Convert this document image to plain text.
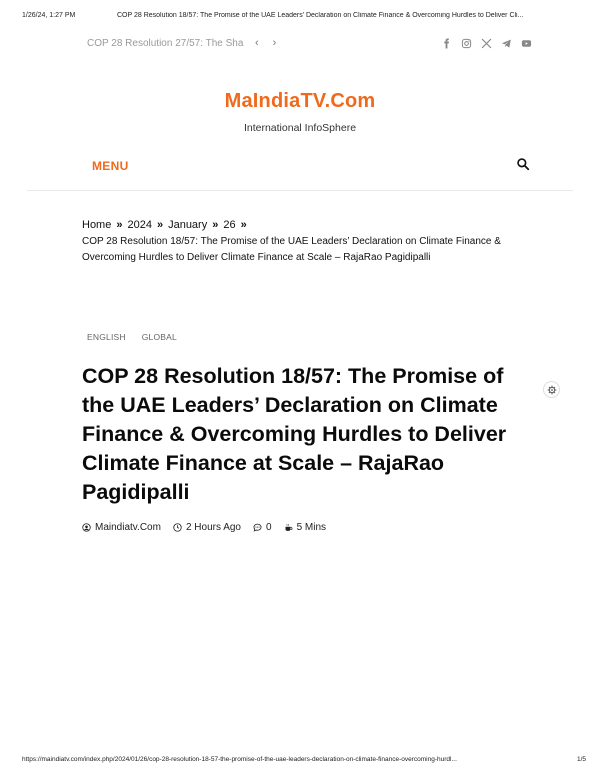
1/26/24, 1:27 PM	COP 28 Resolution 18/57: The Promise of the UAE Leaders’ Declaration on Climate Finance & Overcoming Hurdles to Deliver Cli...
COP 28 Resolution 27/57: The Sha	‹ ›
MaIndiaTV.Com
International InfoSphere
MENU
Home » 2024 » January » 26 »
COP 28 Resolution 18/57: The Promise of the UAE Leaders’ Declaration on Climate Finance & Overcoming Hurdles to Deliver Climate Finance at Scale – RajaRao Pagidipalli
ENGLISH GLOBAL
COP 28 Resolution 18/57: The Promise of the UAE Leaders’ Declaration on Climate Finance & Overcoming Hurdles to Deliver Climate Finance at Scale – RajaRao Pagidipalli
Maindiatv.Com	2 Hours Ago	0	5 Mins
https://maindiatv.com/index.php/2024/01/26/cop-28-resolution-18-57-the-promise-of-the-uae-leaders-declaration-on-climate-finance-overcoming-hurdl...	1/5
